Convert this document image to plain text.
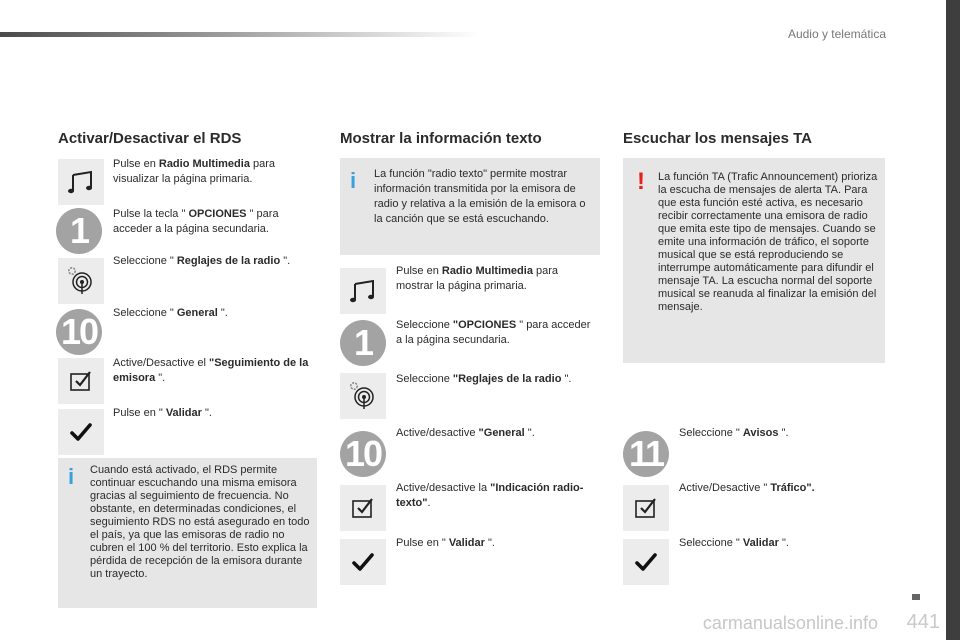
Audio y telemática
Activar/Desactivar el RDS
Pulse en Radio Multimedia para visualizar la página primaria.
1 Pulse la tecla " OPCIONES " para acceder a la página secundaria.
Seleccione " Reglajes de la radio ".
10 Seleccione " General ".
Active/Desactive el "Seguimiento de la emisora ".
Pulse en " Validar ".
i Cuando está activado, el RDS permite continuar escuchando una misma emisora gracias al seguimiento de frecuencia. No obstante, en determinadas condiciones, el seguimiento RDS no está asegurado en todo el país, ya que las emisoras de radio no cubren el 100 % del territorio. Esto explica la pérdida de recepción de la emisora durante un trayecto.
Mostrar la información texto
i La función "radio texto" permite mostrar información transmitida por la emisora de radio y relativa a la emisión de la emisora o la canción que se está escuchando.
Pulse en Radio Multimedia para mostrar la página primaria.
1 Seleccione "OPCIONES " para acceder a la página secundaria.
Seleccione "Reglajes de la radio ".
10 Active/desactive "General ".
Active/desactive la "Indicación radio-texto".
Pulse en " Validar ".
Escuchar los mensajes TA
! La función TA (Trafic Announcement) prioriza la escucha de mensajes de alerta TA. Para que esta función esté activa, es necesario recibir correctamente una emisora de radio que emita este tipo de mensajes. Cuando se emite una información de tráfico, el soporte musical que se está reproduciendo se interrumpe automáticamente para difundir el mensaje TA. La escucha normal del soporte musical se reanuda al finalizar la emisión del mensaje.
11 Seleccione " Avisos ".
Active/Desactive " Tráfico".
Seleccione " Validar ".
carmanualsonline.info 441
